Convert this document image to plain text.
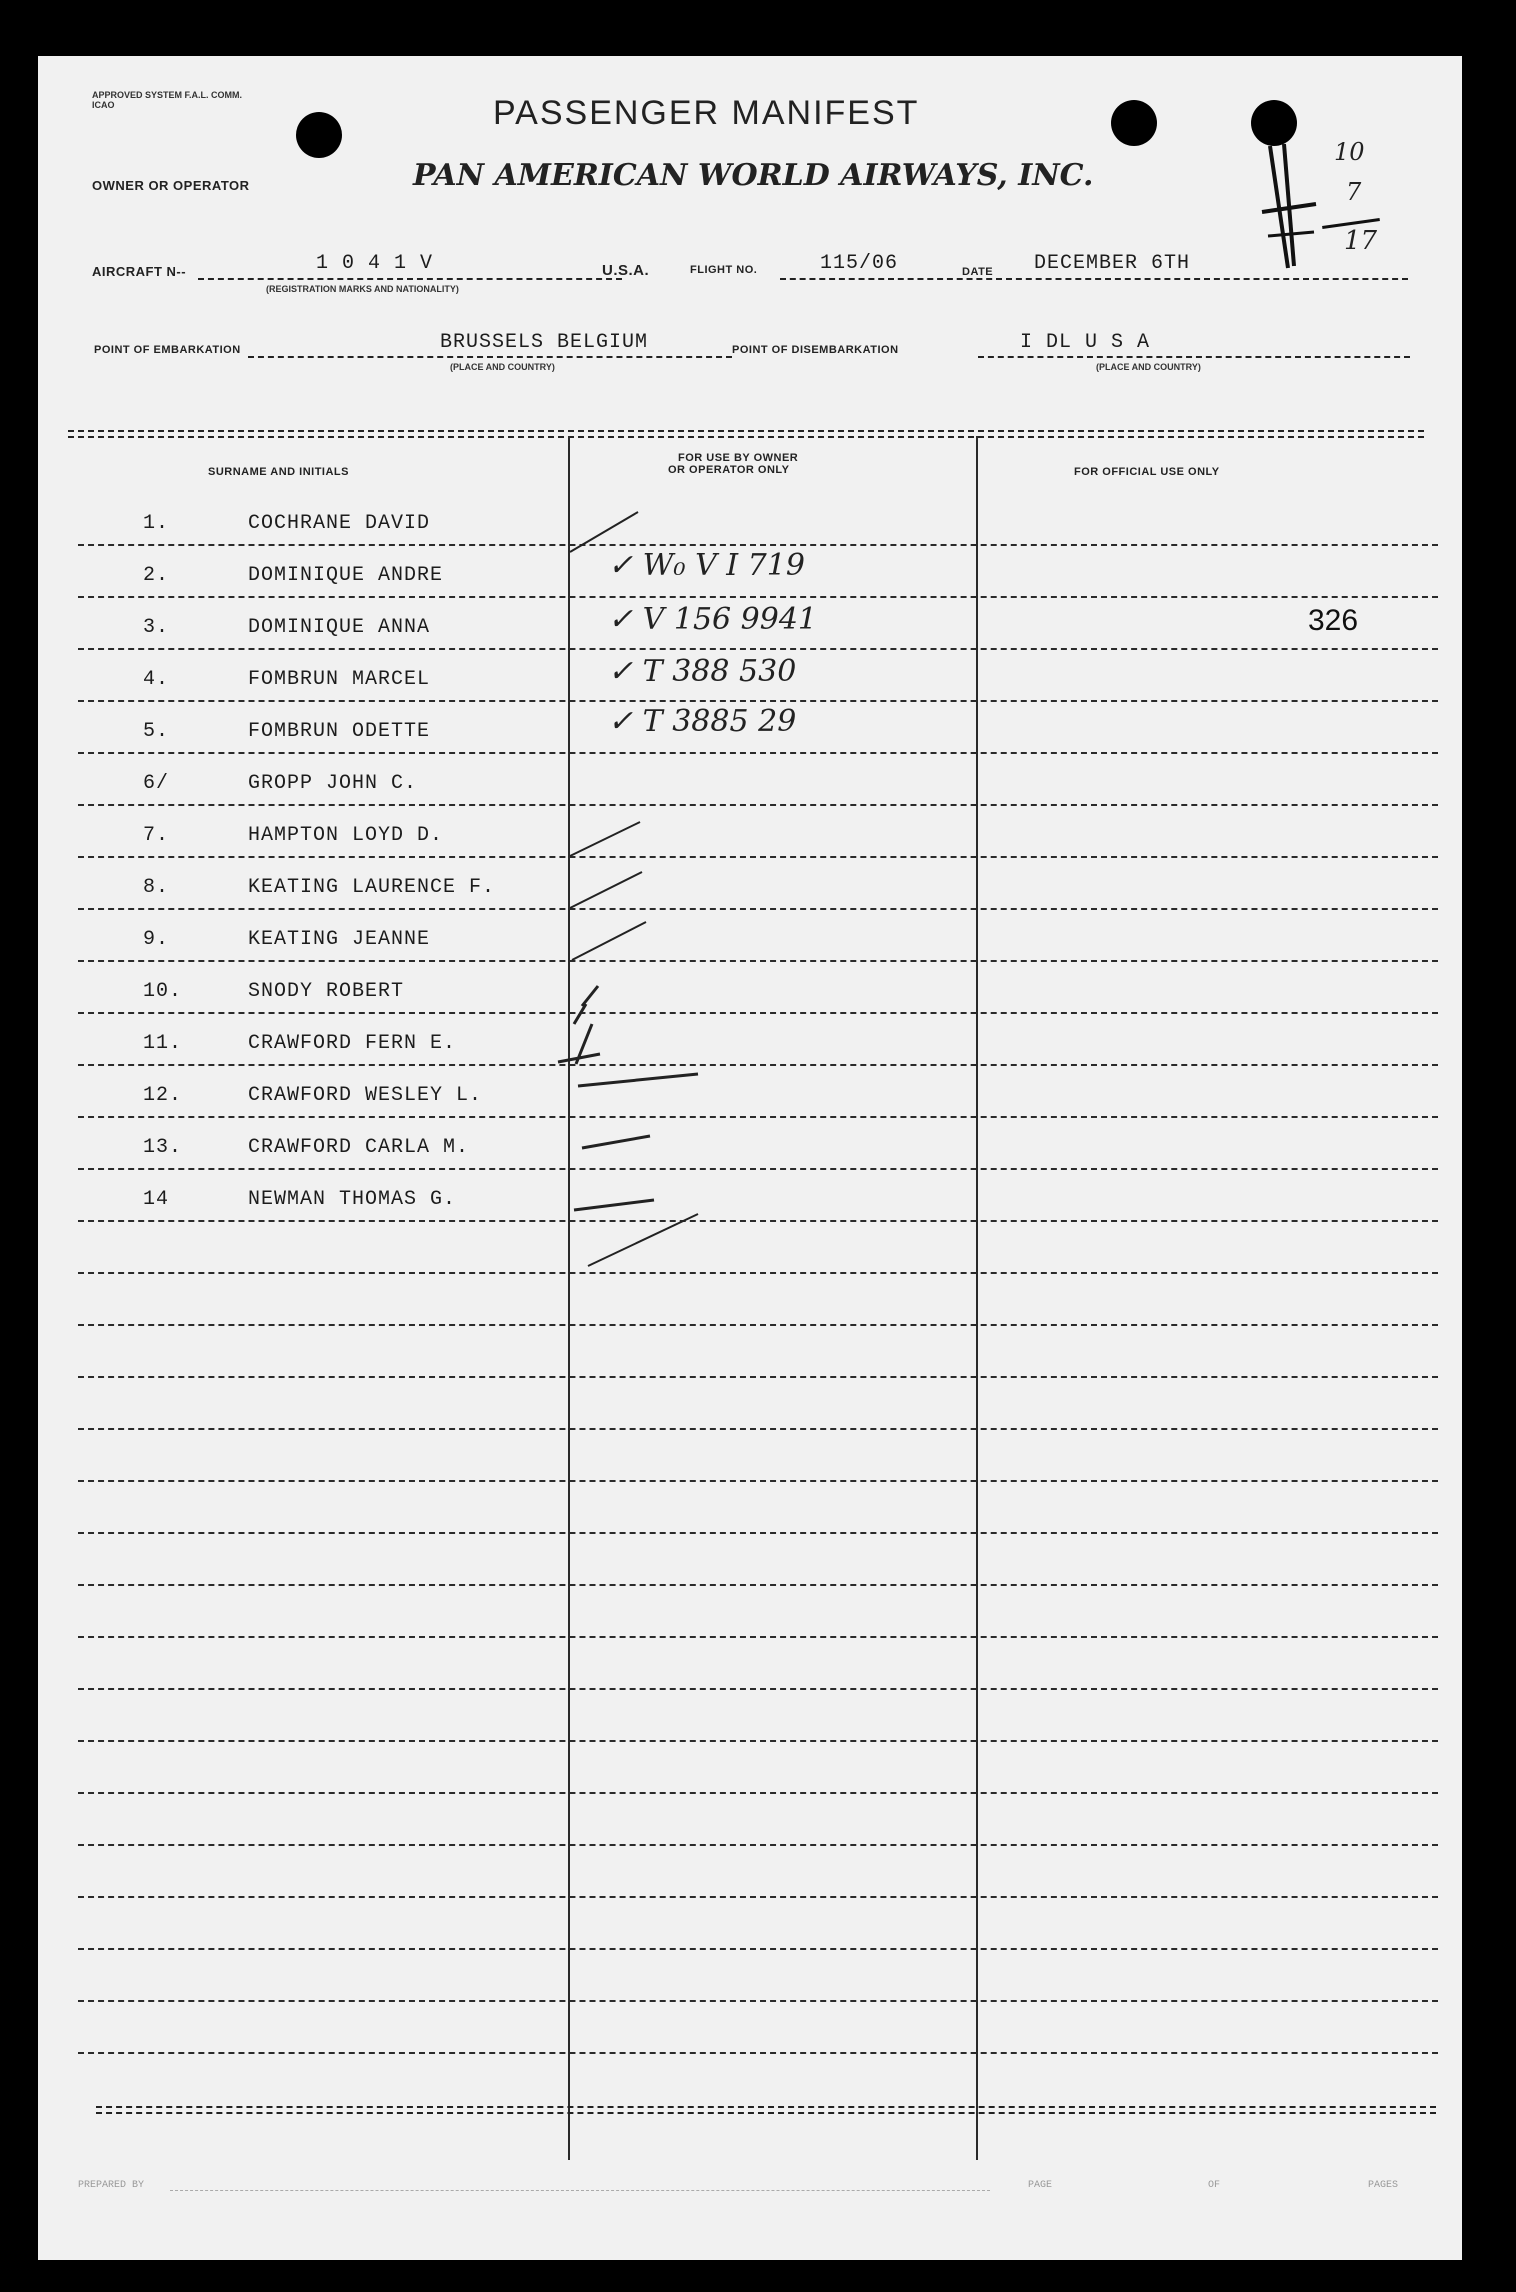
APPROVED SYSTEM F.A.L. COMM. ICAO
OWNER OR OPERATOR
PASSENGER MANIFEST
PAN AMERICAN WORLD AIRWAYS, INC.
10
7
17
AIRCRAFT N--	1 0 4 1 V
(REGISTRATION MARKS AND NATIONALITY)
U.S.A.	FLIGHT NO.	115/06	DATE DECEMBER 6TH
POINT OF EMBARKATION	BRUSSELS BELGIUM
(PLACE AND COUNTRY)
POINT OF DISEMBARKATION	I DL U S A
(PLACE AND COUNTRY)
SURNAME AND INITIALS
FOR USE BY OWNER
OR OPERATOR ONLY	FOR OFFICIAL USE ONLY
1.	COCHRANE DAVID
2.	DOMINIQUE ANDRE	✓ W₀ V I 719
3.	DOMINIQUE ANNA	✓ V 156 9941	326
4.	FOMBRUN MARCEL	✓ T 388 530
5.	FOMBRUN ODETTE	✓ T 3885 29
6/	GROPP JOHN C.
7.	HAMPTON LOYD D.
8.	KEATING LAURENCE F.
9.	KEATING JEANNE
10.	SNODY ROBERT
11.	CRAWFORD FERN E.
12.	CRAWFORD WESLEY L.
13.	CRAWFORD CARLA M.
14	NEWMAN THOMAS G.
PREPARED BY	PAGE	OF	PAGES
